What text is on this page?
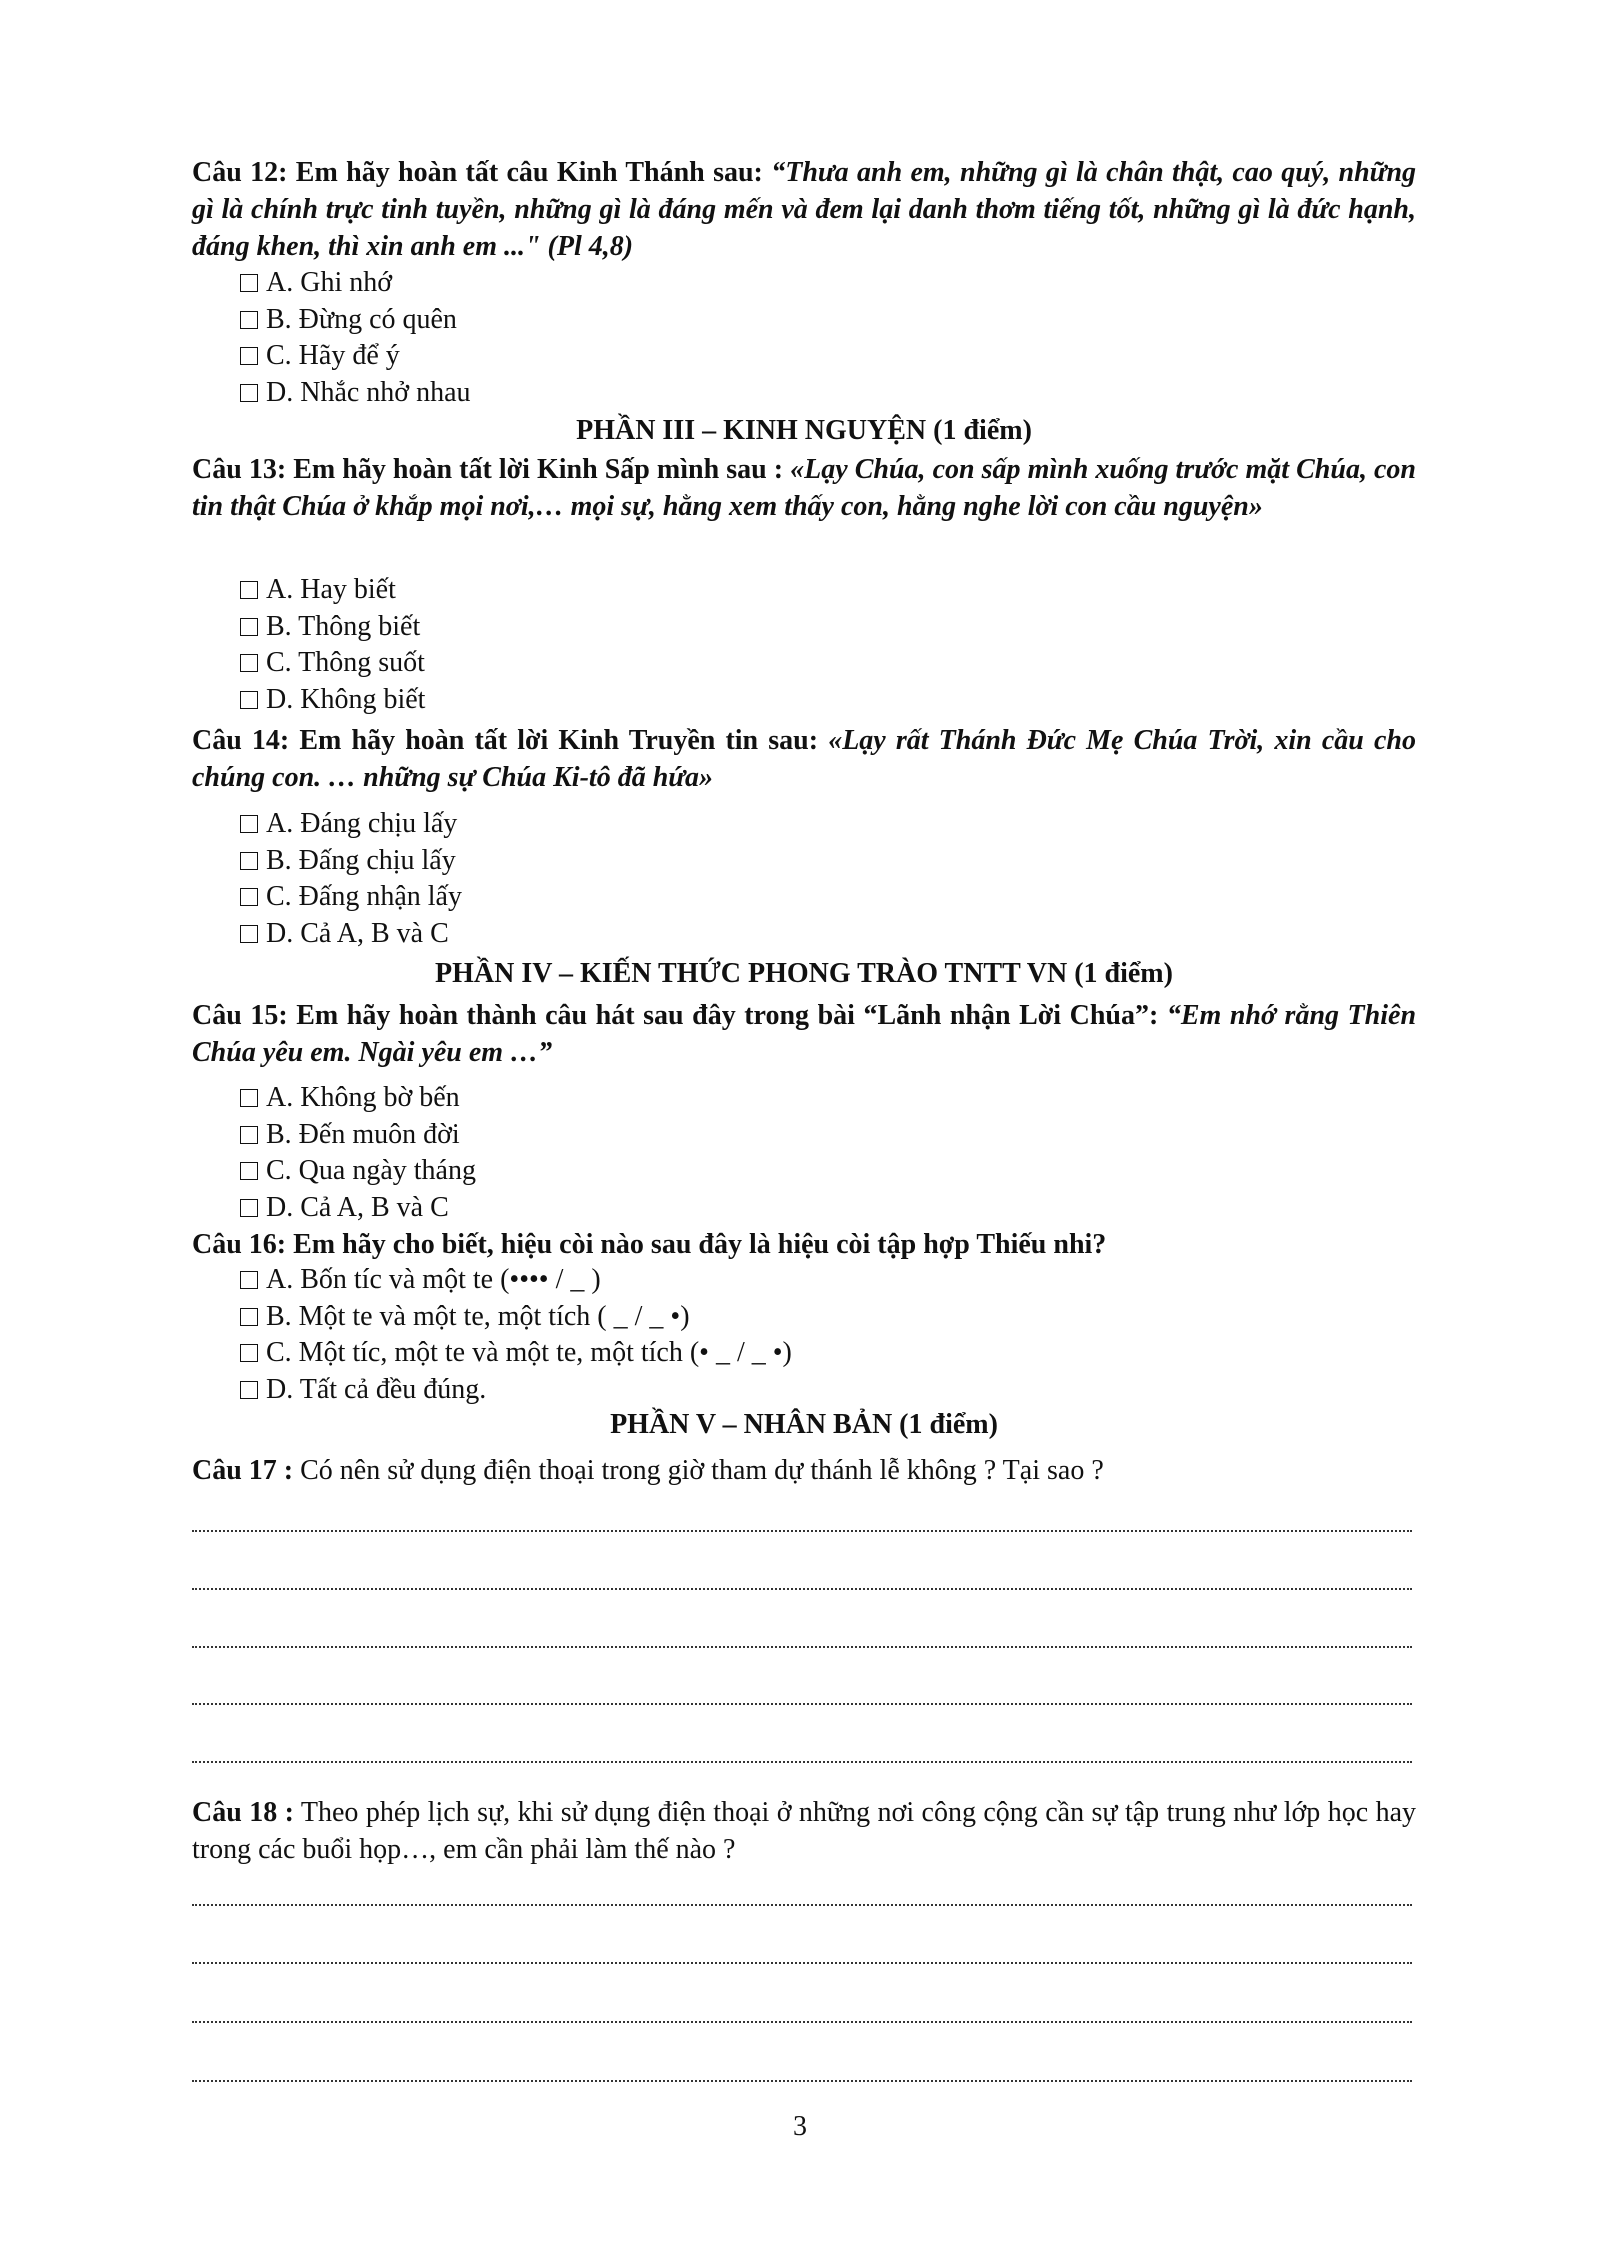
Câu 12: Em hãy hoàn tất câu Kinh Thánh sau: “Thưa anh em, những gì là chân thật, cao quý, những gì là chính trực tinh tuyền, những gì là đáng mến và đem lại danh thơm tiếng tốt, những gì là đức hạnh, đáng khen, thì xin anh em ..." (Pl 4,8)
A. Ghi nhớ
B. Đừng có quên
C. Hãy để ý
D. Nhắc nhở nhau
PHẦN III – KINH NGUYỆN (1 điểm)
Câu 13: Em hãy hoàn tất lời Kinh Sấp mình sau : «Lạy Chúa, con sấp mình xuống trước mặt Chúa, con tin thật Chúa ở khắp mọi nơi,… mọi sự, hằng xem thấy con, hằng nghe lời con cầu nguyện»
A. Hay biết
B. Thông biết
C. Thông suốt
D. Không biết
Câu 14: Em hãy hoàn tất lời Kinh Truyền tin sau: «Lạy rất Thánh Đức Mẹ Chúa Trời, xin cầu cho chúng con. … những sự Chúa Ki-tô đã hứa»
A. Đáng chịu lấy
B. Đấng chịu lấy
C. Đấng nhận lấy
D. Cả A, B và C
PHẦN IV – KIẾN THỨC PHONG TRÀO TNTT VN (1 điểm)
Câu 15: Em hãy hoàn thành câu hát sau đây trong bài “Lãnh nhận Lời Chúa”: “Em nhớ rằng Thiên Chúa yêu em. Ngài yêu em …”
A. Không bờ bến
B. Đến muôn đời
C. Qua ngày tháng
D. Cả A, B và C
Câu 16: Em hãy cho biết, hiệu còi nào sau đây là hiệu còi tập hợp Thiếu nhi?
A. Bốn tíc và một te (•••• / _ )
B. Một te và một te, một tích ( _ / _ •)
C. Một tíc, một te và một te, một tích (• _ / _ •)
D. Tất cả đều đúng.
PHẦN V – NHÂN BẢN (1 điểm)
Câu 17 : Có nên sử dụng điện thoại trong giờ tham dự thánh lễ không ? Tại sao ?
Câu 18 : Theo phép lịch sự, khi sử dụng điện thoại ở những nơi công cộng cần sự tập trung như lớp học hay trong các buổi họp…, em cần phải làm thế nào ?
3
